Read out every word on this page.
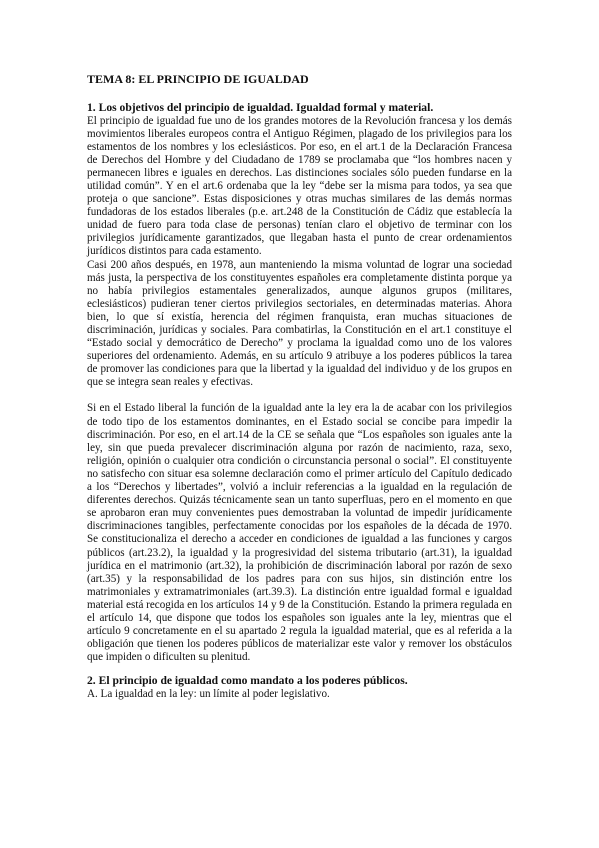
TEMA 8: EL PRINCIPIO DE IGUALDAD

1. Los objetivos del principio de igualdad. Igualdad formal y material.

El principio de igualdad fue uno de los grandes motores de la Revolución francesa y los demás movimientos liberales europeos contra el Antiguo Régimen, plagado de los privilegios para los estamentos de los nombres y los eclesiásticos. Por eso, en el art.1 de la Declaración Francesa de Derechos del Hombre y del Ciudadano de 1789 se proclamaba que “los hombres nacen y permanecen libres e iguales en derechos. Las distinciones sociales sólo pueden fundarse en la utilidad común”. Y en el art.6 ordenaba que la ley “debe ser la misma para todos, ya sea que proteja o que sancione”. Estas disposiciones y otras muchas similares de las demás normas fundadoras de los estados liberales (p.e. art.248 de la Constitución de Cádiz que establecía la unidad de fuero para toda clase de personas) tenían claro el objetivo de terminar con los privilegios jurídicamente garantizados, que llegaban hasta el punto de crear ordenamientos jurídicos distintos para cada estamento.

Casi 200 años después, en 1978, aun manteniendo la misma voluntad de lograr una sociedad más justa, la perspectiva de los constituyentes españoles era completamente distinta porque ya no había privilegios estamentales generalizados, aunque algunos grupos (militares, eclesiásticos) pudieran tener ciertos privilegios sectoriales, en determinadas materias. Ahora bien, lo que sí existía, herencia del régimen franquista, eran muchas situaciones de discriminación, jurídicas y sociales. Para combatirlas, la Constitución en el art.1 constituye el “Estado social y democrático de Derecho” y proclama la igualdad como uno de los valores superiores del ordenamiento. Además, en su artículo 9 atribuye a los poderes públicos la tarea de promover las condiciones para que la libertad y la igualdad del individuo y de los grupos en que se integra sean reales y efectivas.

Si en el Estado liberal la función de la igualdad ante la ley era la de acabar con los privilegios de todo tipo de los estamentos dominantes, en el Estado social se concibe para impedir la discriminación. Por eso, en el art.14 de la CE se señala que “Los españoles son iguales ante la ley, sin que pueda prevalecer discriminación alguna por razón de nacimiento, raza, sexo, religión, opinión o cualquier otra condición o circunstancia personal o social”. El constituyente no satisfecho con situar esa solemne declaración como el primer artículo del Capítulo dedicado a los “Derechos y libertades”, volvió a incluir referencias a la igualdad en la regulación de diferentes derechos. Quizás técnicamente sean un tanto superfluas, pero en el momento en que se aprobaron eran muy convenientes pues demostraban la voluntad de impedir jurídicamente discriminaciones tangibles, perfectamente conocidas por los españoles de la década de 1970. Se constitucionaliza el derecho a acceder en condiciones de igualdad a las funciones y cargos públicos (art.23.2), la igualdad y la progresividad del sistema tributario (art.31), la igualdad jurídica en el matrimonio (art.32), la prohibición de discriminación laboral por razón de sexo (art.35) y la responsabilidad de los padres para con sus hijos, sin distinción entre los matrimoniales y extramatrimoniales (art.39.3). La distinción entre igualdad formal e igualdad material está recogida en los artículos 14 y 9 de la Constitución. Estando la primera regulada en el artículo 14, que dispone que todos los españoles son iguales ante la ley, mientras que el artículo 9 concretamente en el su apartado 2 regula la igualdad material, que es al referida a la obligación que tienen los poderes públicos de materializar este valor y remover los obstáculos que impiden o dificulten su plenitud.

2. El principio de igualdad como mandato a los poderes públicos.

A. La igualdad en la ley: un límite al poder legislativo.
